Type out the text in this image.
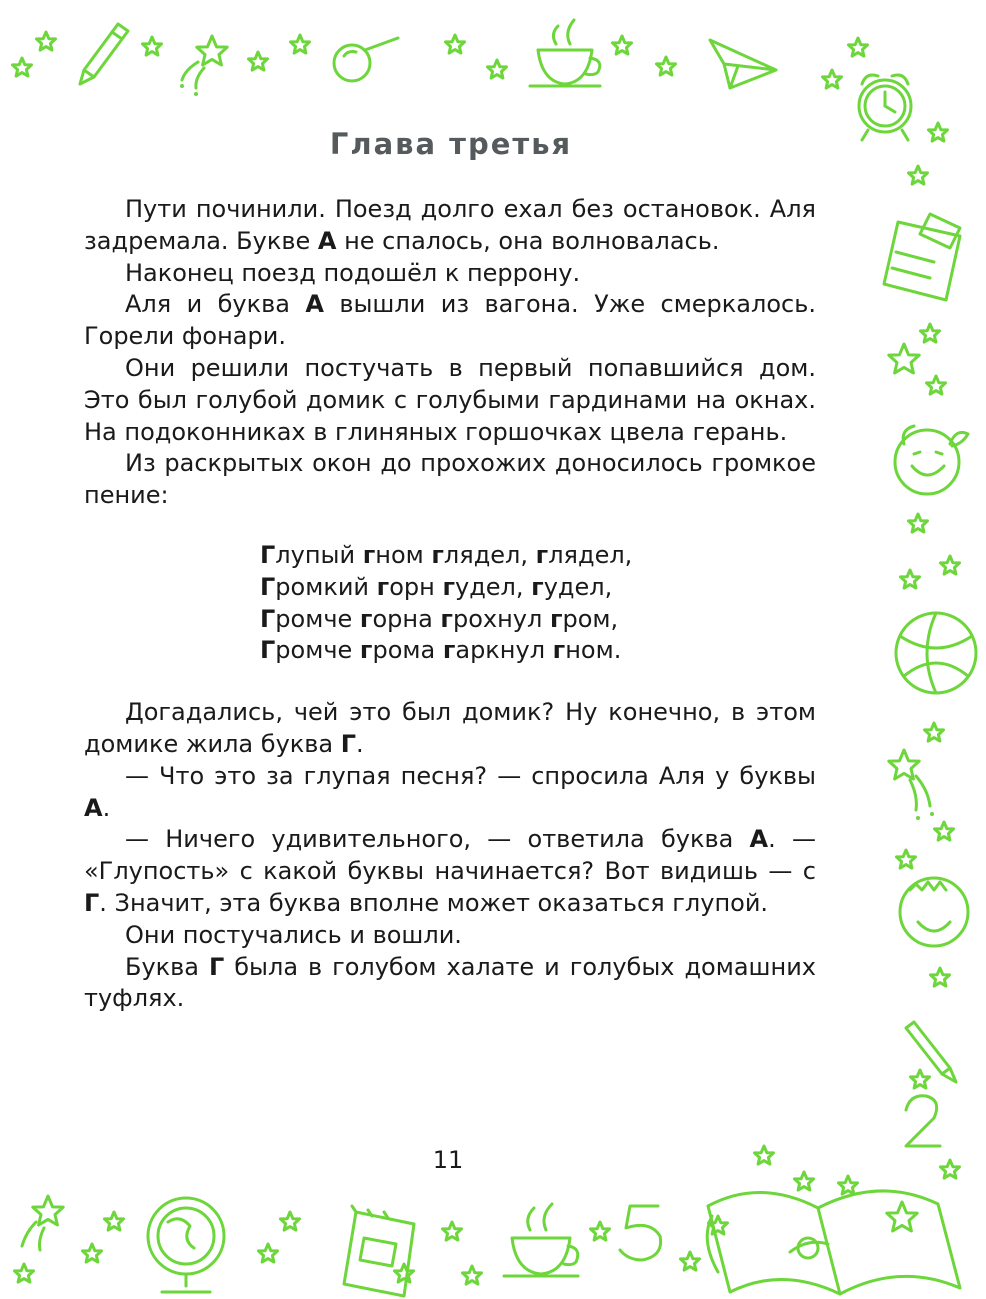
Глава третья

Пути починили. Поезд долго ехал без остановок. Аля задремала. Букве А не спалось, она волновалась.

Наконец поезд подошёл к перрону.

Аля и буква А вышли из вагона. Уже смеркалось. Горели фонари.

Они решили постучать в первый попавшийся дом. Это был голубой домик с голубыми гардинами на окнах. На подоконниках в глиняных горшочках цвела герань.

Из раскрытых окон до прохожих доносилось громкое пение:

Глупый гном глядел, глядел,
Громкий горн гудел, гудел,
Громче горна грохнул гром,
Громче грома гаркнул гном.

Догадались, чей это был домик? Ну конечно, в этом домике жила буква Г.

— Что это за глупая песня? — спросила Аля у буквы А.

— Ничего удивительного, — ответила буква А. — «Глупость» с какой буквы начинается? Вот видишь — с Г. Значит, эта буква вполне может оказаться глупой.

Они постучались и вошли.

Буква Г была в голубом халате и голубых домашних туфлях.

11
